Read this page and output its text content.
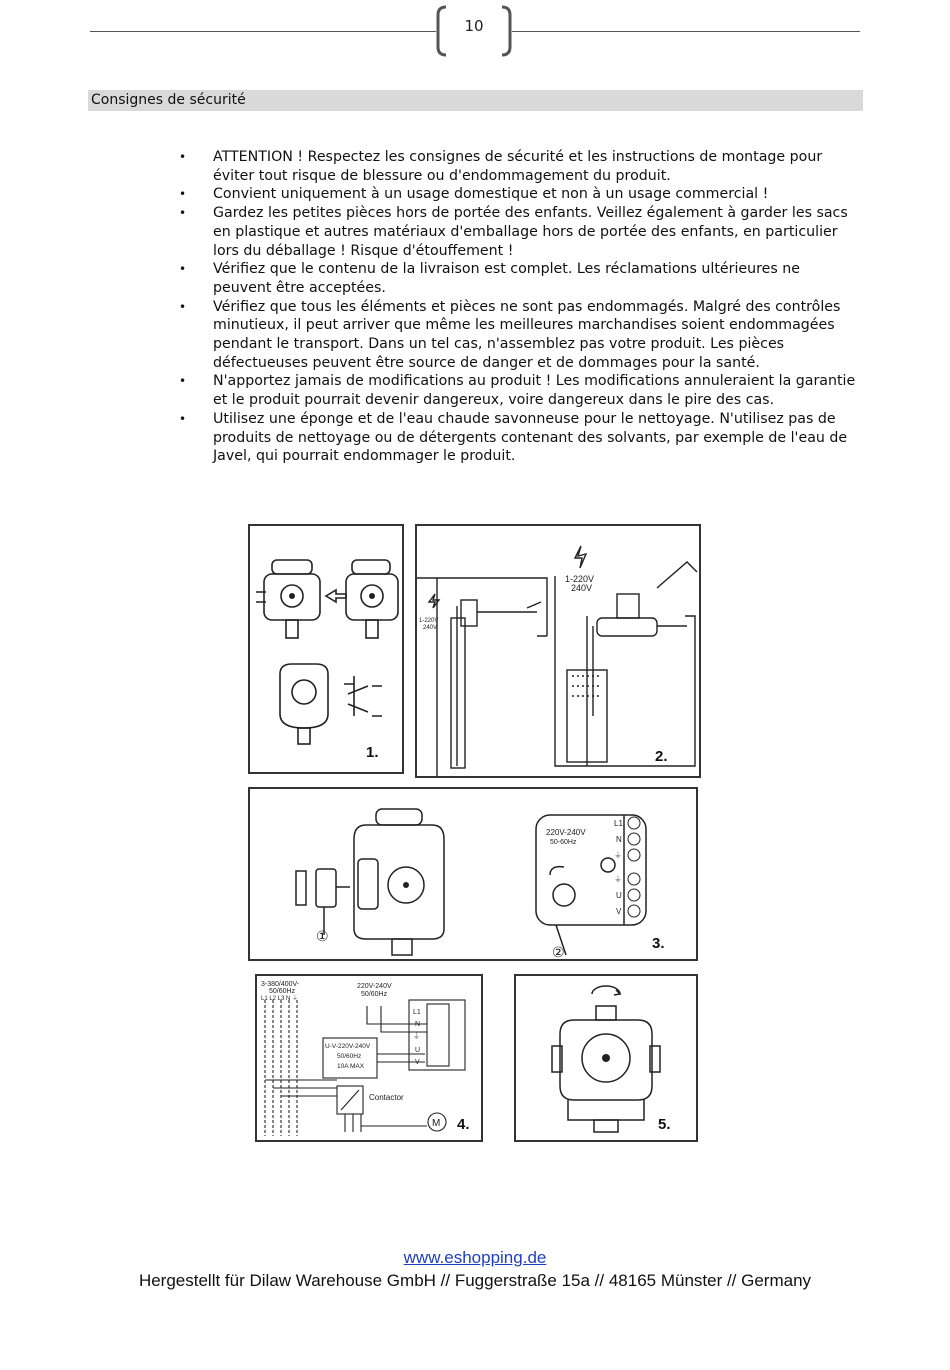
10
Consignes de sécurité
• ATTENTION ! Respectez les consignes de sécurité et les instructions de montage pour éviter tout risque de blessure ou d'endommagement du produit.
• Convient uniquement à un usage domestique et non à un usage commercial !
• Gardez les petites pièces hors de portée des enfants. Veillez également à garder les sacs en plastique et autres matériaux d'emballage hors de portée des enfants, en particulier lors du déballage ! Risque d'étouffement !
• Vérifiez que le contenu de la livraison est complet. Les réclamations ultérieures ne peuvent être acceptées.
• Vérifiez que tous les éléments et pièces ne sont pas endommagés. Malgré des contrôles minutieux, il peut arriver que même les meilleures marchandises soient endommagées pendant le transport. Dans un tel cas, n'assemblez pas votre produit. Les pièces défectueuses peuvent être source de danger et de dommages pour la santé.
• N'apportez jamais de modifications au produit ! Les modifications annuleraient la garantie et le produit pourrait devenir dangereux, voire dangereux dans le pire des cas.
• Utilisez une éponge et de l'eau chaude savonneuse pour le nettoyage. N'utilisez pas de produits de nettoyage ou de détergents contenant des solvants, par exemple de l'eau de Javel, qui pourrait endommager le produit.
1.
1-220V
240V
1-220V
240V
2.
220V-240V
50-60Hz
L1
N
⏚
⏚
U
V
①
②
3.
3-380/400V-
50/60Hz
L1 L2 L3 N ⏚
220V-240V
50/60Hz
U-V-220V-240V
50/60Hz
10A MAX
Contactor
M
L1
N
⏚
U
V
4.	5.
www.eshopping.de
Hergestellt für Dilaw Warehouse GmbH // Fuggerstraße 15a // 48165 Münster // Germany
